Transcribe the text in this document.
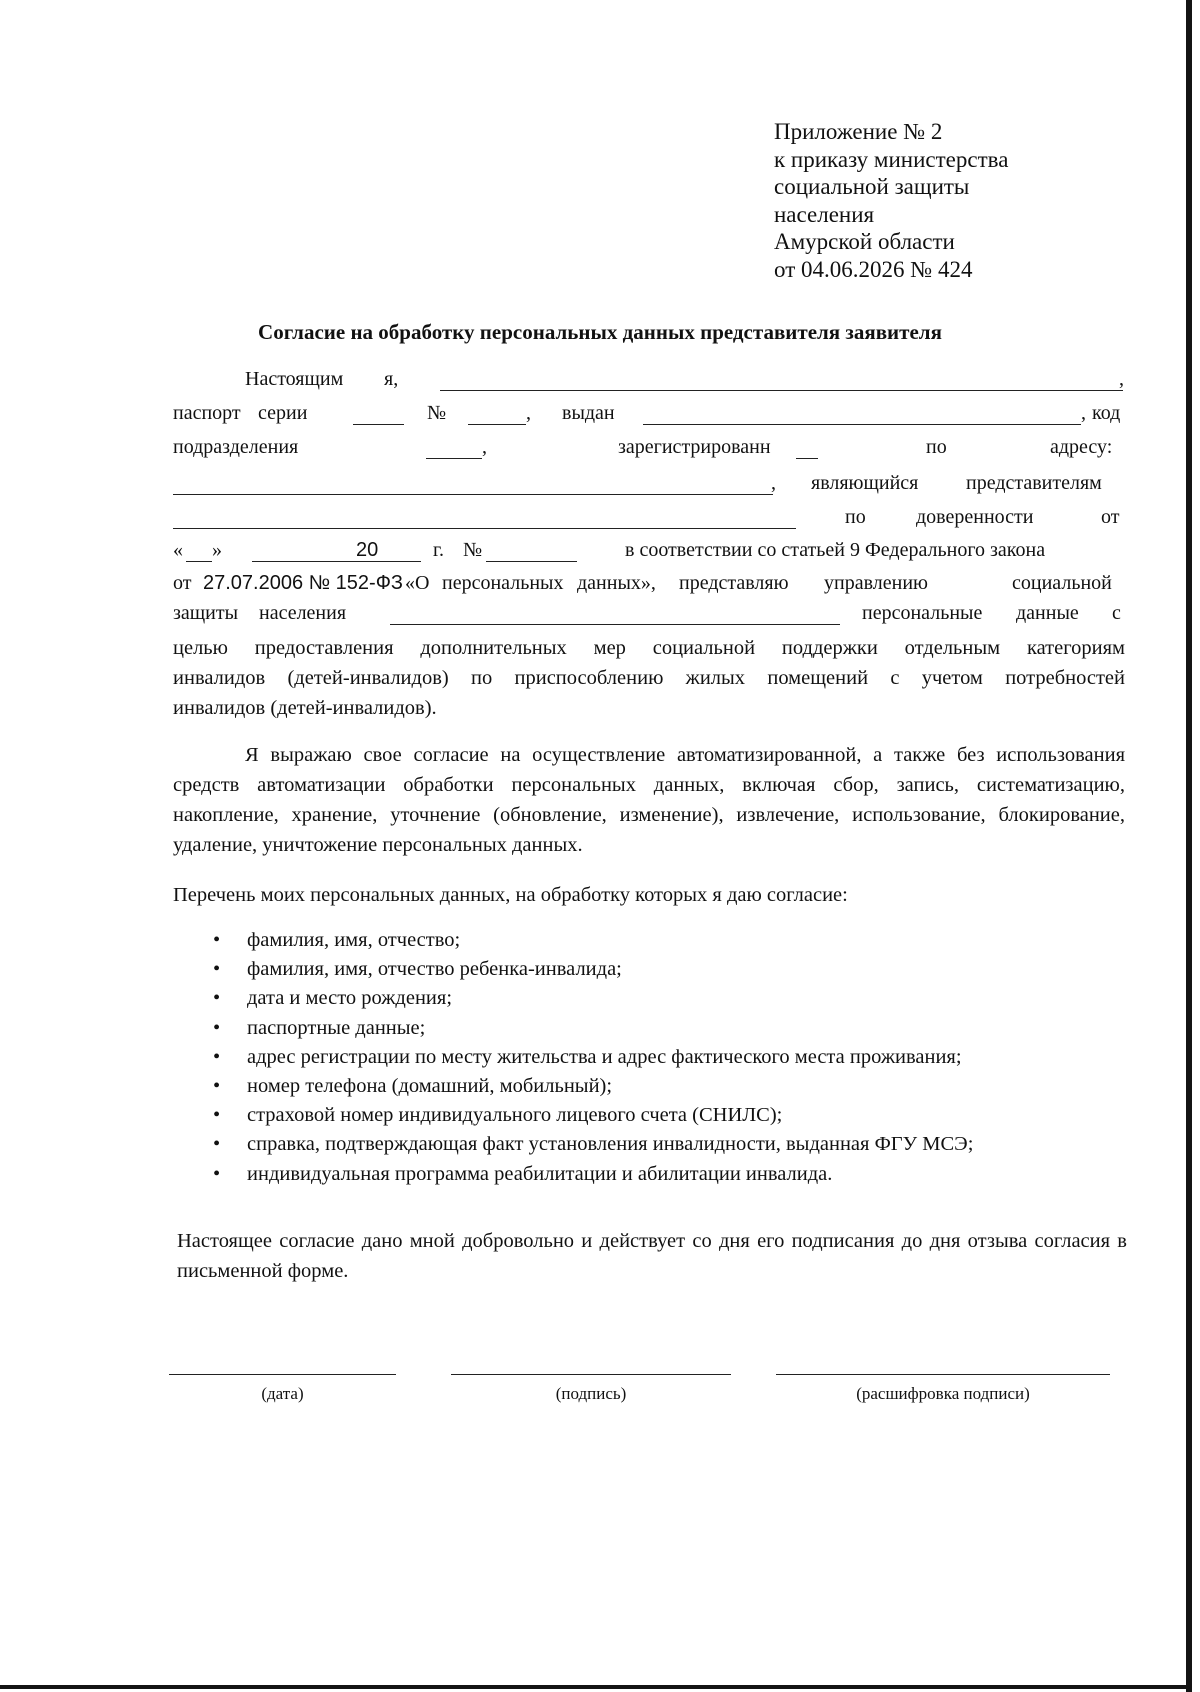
Приложение № 2
к приказу министерства
социальной защиты
населения
Амурской области
от 04.06.2026 № 424
Согласие на обработку персональных данных представителя заявителя
Настоящим я,	,
паспорт серии	№	, выдан	, код
подразделения	,	зарегистрированн	по	адресу:
, являющийся представителям
по	доверенности	от
« »	20	г. №	в соответствии со статьей 9 Федерального закона
от 27.07.2006 № 152-ФЗ «О персональных данных», представляю управлению	социальной
защиты населения	персональные данные с
целью предоставления дополнительных мер социальной поддержки отдельным категориям
инвалидов (детей-инвалидов) по приспособлению жилых помещений с учетом потребностей
инвалидов (детей-инвалидов).
Я выражаю свое согласие на осуществление автоматизированной, а также без использования средств автоматизации обработки персональных данных, включая сбор, запись, систематизацию, накопление, хранение, уточнение (обновление, изменение), извлечение, использование, блокирование, удаление, уничтожение персональных данных.
Перечень моих персональных данных, на обработку которых я даю согласие:
• фамилия, имя, отчество;
• фамилия, имя, отчество ребенка-инвалида;
• дата и место рождения;
• паспортные данные;
• адрес регистрации по месту жительства и адрес фактического места проживания;
• номер телефона (домашний, мобильный);
• страховой номер индивидуального лицевого счета (СНИЛС);
• справка, подтверждающая факт установления инвалидности, выданная ФГУ МСЭ;
• индивидуальная программа реабилитации и абилитации инвалида.
Настоящее согласие дано мной добровольно и действует со дня его подписания до дня отзыва согласия в письменной форме.
(дата)	(подпись)	(расшифровка подписи)
